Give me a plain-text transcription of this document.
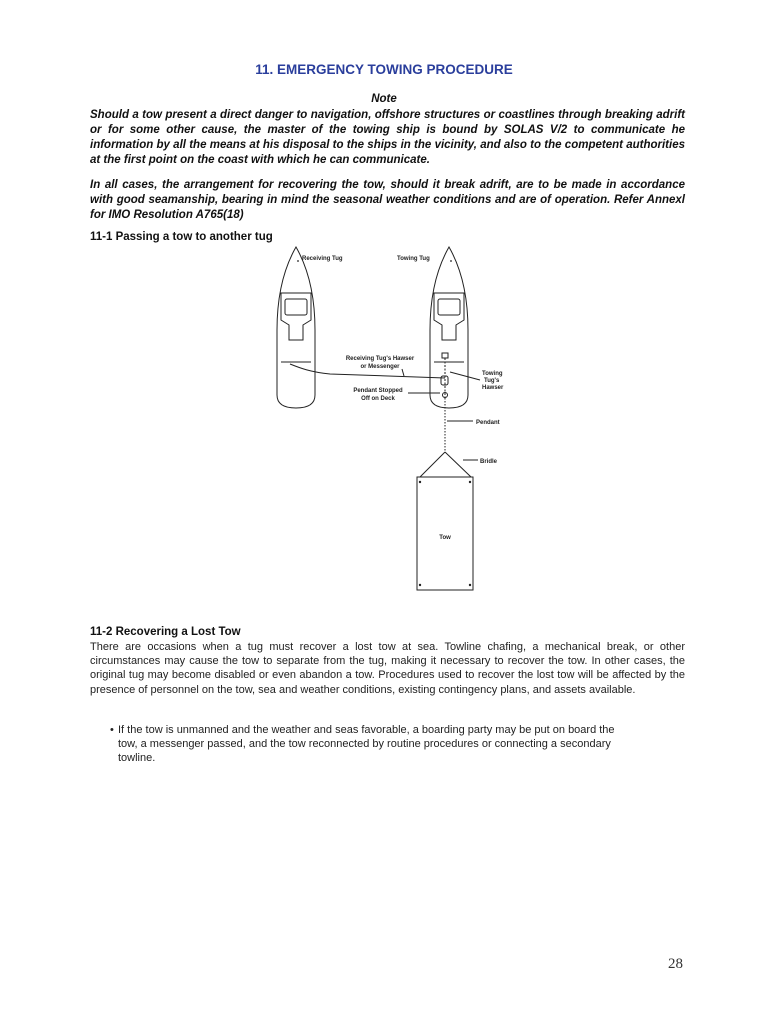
11. EMERGENCY TOWING PROCEDURE
Note

Should a tow present a direct danger to navigation, offshore structures or coastlines through breaking adrift or for some other cause, the master of the towing ship is bound by SOLAS V/2 to communicate he information by all the means at his disposal to the ships in the vicinity, and also to the competent authorities at the first point on the coast with which he can communicate.

In all cases, the arrangement for recovering the tow, should it break adrift, are to be made in accordance with good seamanship, bearing in mind the seasonal weather conditions and are of operation. Refer Annexl for IMO Resolution A765(18)

11-1 Passing a tow to another tug
Receiving Tug	Towing Tug
Receiving Tug's Hawser
or Messenger
Towing
Tug's
Hawser
Pendant Stopped
Off on Deck
Pendant
Bridle
Tow
11-2 Recovering a Lost Tow

There are occasions when a tug must recover a lost tow at sea. Towline chafing, a mechanical break, or other circumstances may cause the tow to separate from the tug, making it necessary to recover the tow. In other cases, the original tug may become disabled or even abandon a tow. Procedures used to recover the lost tow will be affected by the presence of personnel on the tow, sea and weather conditions, existing contingency plans, and assets available.

• If the tow is unmanned and the weather and seas favorable, a boarding party may be put on board the tow, a messenger passed, and the tow reconnected by routine procedures or connecting a secondary towline.
28
